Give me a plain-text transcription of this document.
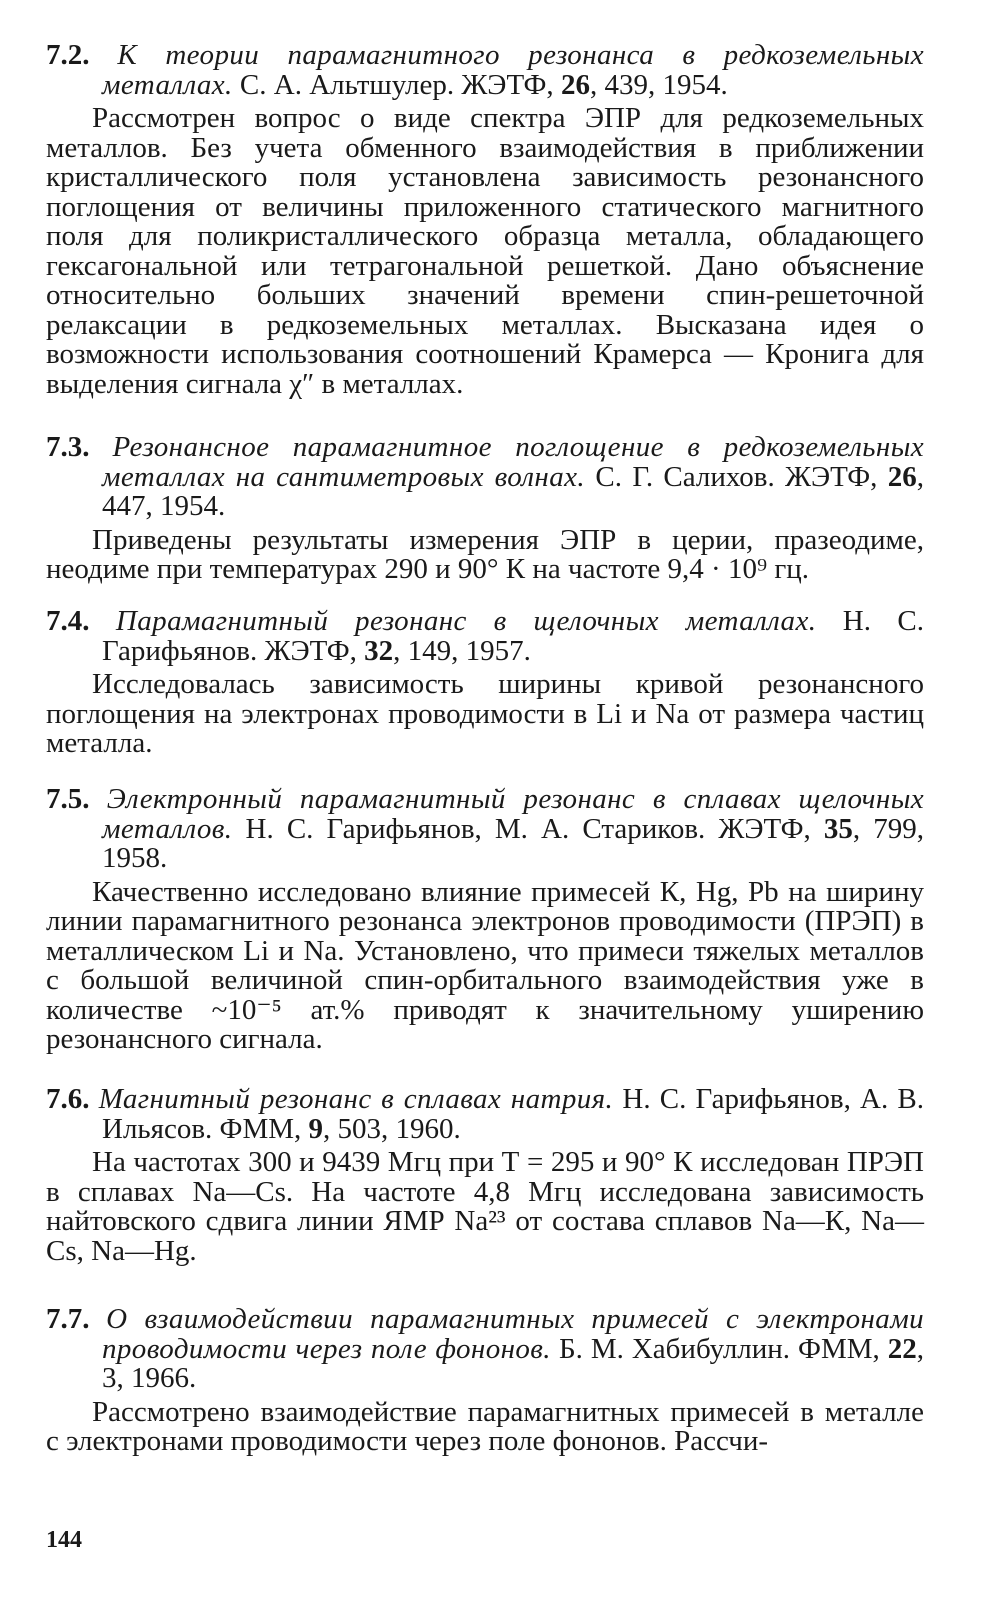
7.2. К теории парамагнитного резонанса в редкоземельных металлах. С. А. Альтшулер. ЖЭТФ, 26, 439, 1954.
Рассмотрен вопрос о виде спектра ЭПР для редкоземельных металлов. Без учета обменного взаимодействия в приближении кристаллического поля установлена зависимость резонансного поглощения от величины приложенного статического магнитного поля для поликристаллического образца металла, обладающего гексагональной или тетрагональной решеткой. Дано объяснение относительно больших значений времени спин-решеточной релаксации в редкоземельных металлах. Высказана идея о возможности использования соотношений Крамерса — Кронига для выделения сигнала χ″ в металлах.
7.3. Резонансное парамагнитное поглощение в редкоземельных металлах на сантиметровых волнах. С. Г. Салихов. ЖЭТФ, 26, 447, 1954.
Приведены результаты измерения ЭПР в церии, празеодиме, неодиме при температурах 290 и 90° К на частоте 9,4 · 10⁹ гц.
7.4. Парамагнитный резонанс в щелочных металлах. Н. С. Гарифьянов. ЖЭТФ, 32, 149, 1957.
Исследовалась зависимость ширины кривой резонансного поглощения на электронах проводимости в Li и Na от размера частиц металла.
7.5. Электронный парамагнитный резонанс в сплавах щелочных металлов. Н. С. Гарифьянов, М. А. Стариков. ЖЭТФ, 35, 799, 1958.
Качественно исследовано влияние примесей К, Hg, Pb на ширину линии парамагнитного резонанса электронов проводимости (ПРЭП) в металлическом Li и Na. Установлено, что примеси тяжелых металлов с большой величиной спин-орбитального взаимодействия уже в количестве ~10⁻⁵ ат.% приводят к значительному уширению резонансного сигнала.
7.6. Магнитный резонанс в сплавах натрия. Н. С. Гарифьянов, А. В. Ильясов. ФММ, 9, 503, 1960.
На частотах 300 и 9439 Мгц при Т = 295 и 90° К исследован ПРЭП в сплавах Na—Cs. На частоте 4,8 Мгц исследована зависимость найтовского сдвига линии ЯМР Na²³ от состава сплавов Na—К, Na—Cs, Na—Hg.
7.7. О взаимодействии парамагнитных примесей с электронами проводимости через поле фононов. Б. М. Хабибуллин. ФММ, 22, 3, 1966.
Рассмотрено взаимодействие парамагнитных примесей в металле с электронами проводимости через поле фононов. Рассчи-
144
